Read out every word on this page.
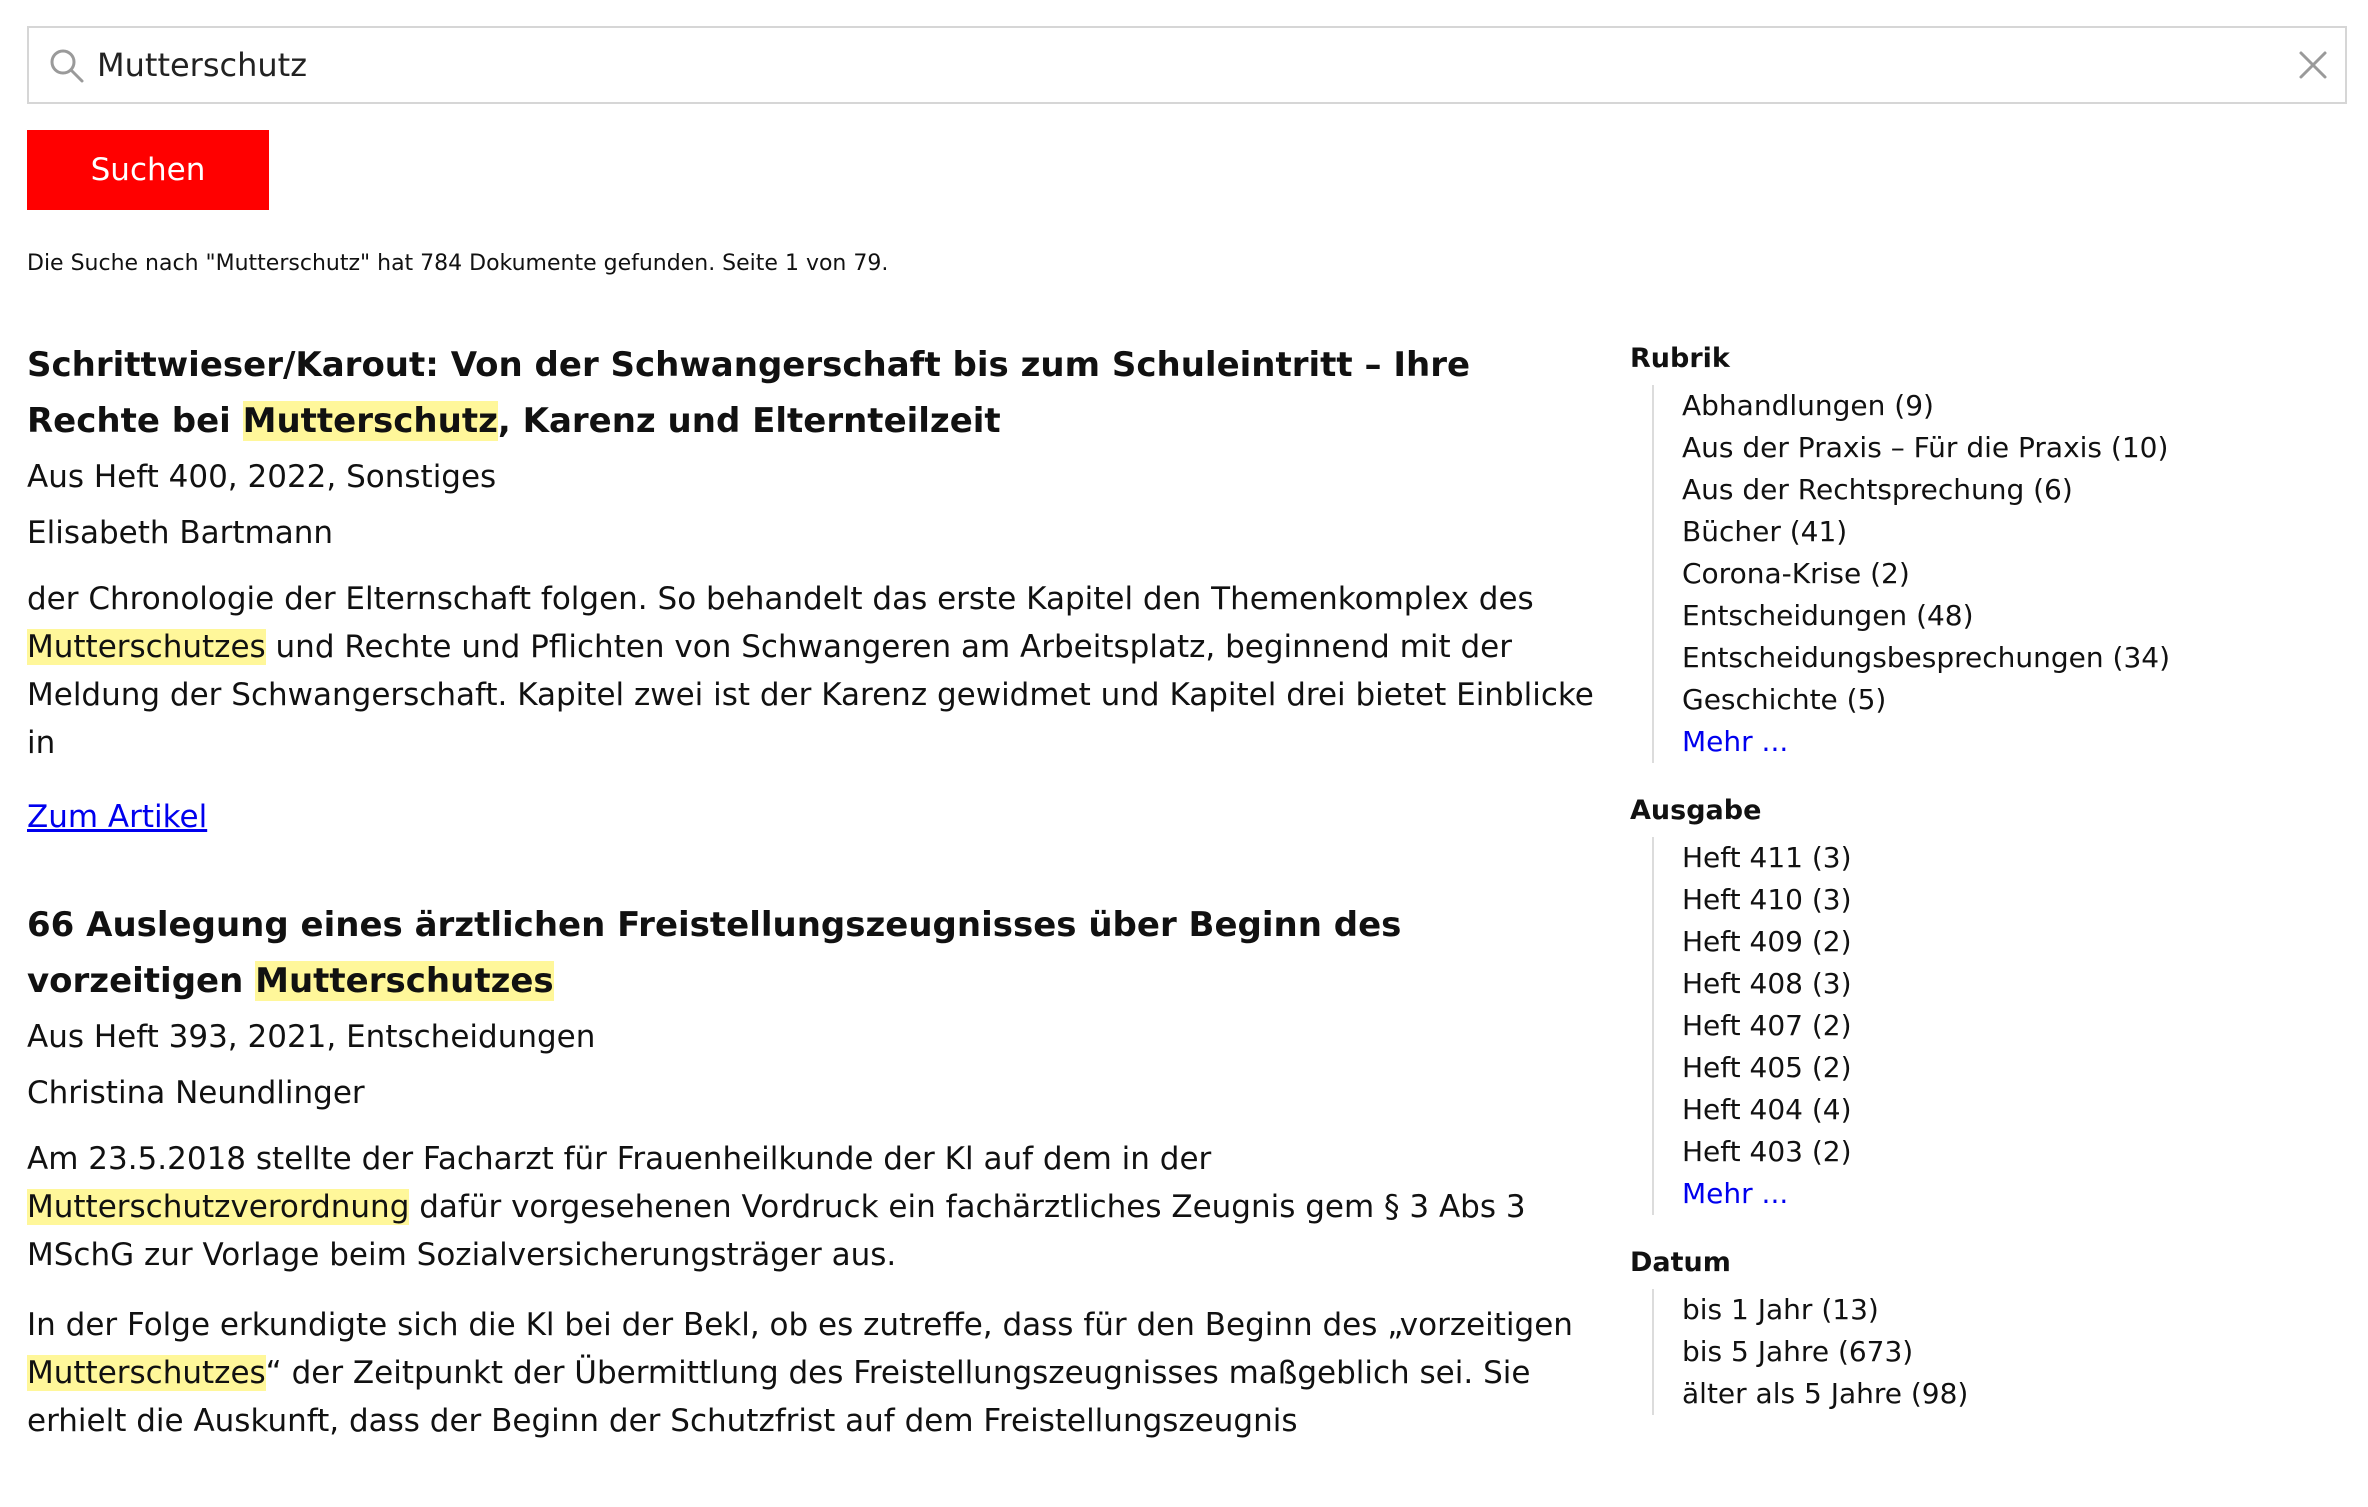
Mutterschutz
Suchen
Die Suche nach "Mutterschutz" hat 784 Dokumente gefunden. Seite 1 von 79.
Schrittwieser/Karout: Von der Schwangerschaft bis zum Schuleintritt – Ihre Rechte bei Mutterschutz, Karenz und Elternteilzeit

Aus Heft 400, 2022, Sonstiges

Elisabeth Bartmann

der Chronologie der Elternschaft folgen. So behandelt das erste Kapitel den Themenkomplex des Mutterschutzes und Rechte und Pflichten von Schwangeren am Arbeitsplatz, beginnend mit der Meldung der Schwangerschaft. Kapitel zwei ist der Karenz gewidmet und Kapitel drei bietet Einblicke in

Zum Artikel
66 Auslegung eines ärztlichen Freistellungszeugnisses über Beginn des vorzeitigen Mutterschutzes

Aus Heft 393, 2021, Entscheidungen

Christina Neundlinger

Am 23.5.2018 stellte der Facharzt für Frauenheilkunde der Kl auf dem in der Mutterschutzverordnung dafür vorgesehenen Vordruck ein fachärztliches Zeugnis gem § 3 Abs 3 MSchG zur Vorlage beim Sozialversicherungsträger aus.

In der Folge erkundigte sich die Kl bei der Bekl, ob es zutreffe, dass für den Beginn des „vorzeitigen Mutterschutzes“ der Zeitpunkt der Übermittlung des Freistellungszeugnisses maßgeblich sei. Sie erhielt die Auskunft, dass der Beginn der Schutzfrist auf dem Freistellungszeugnis

Rubrik
Abhandlungen (9)
Aus der Praxis – Für die Praxis (10)
Aus der Rechtsprechung (6)
Bücher (41)
Corona-Krise (2)
Entscheidungen (48)
Entscheidungsbesprechungen (34)
Geschichte (5)
Mehr ...
Ausgabe
Heft 411 (3)
Heft 410 (3)
Heft 409 (2)
Heft 408 (3)
Heft 407 (2)
Heft 405 (2)
Heft 404 (4)
Heft 403 (2)
Mehr ...
Datum
bis 1 Jahr (13)
bis 5 Jahre (673)
älter als 5 Jahre (98)
